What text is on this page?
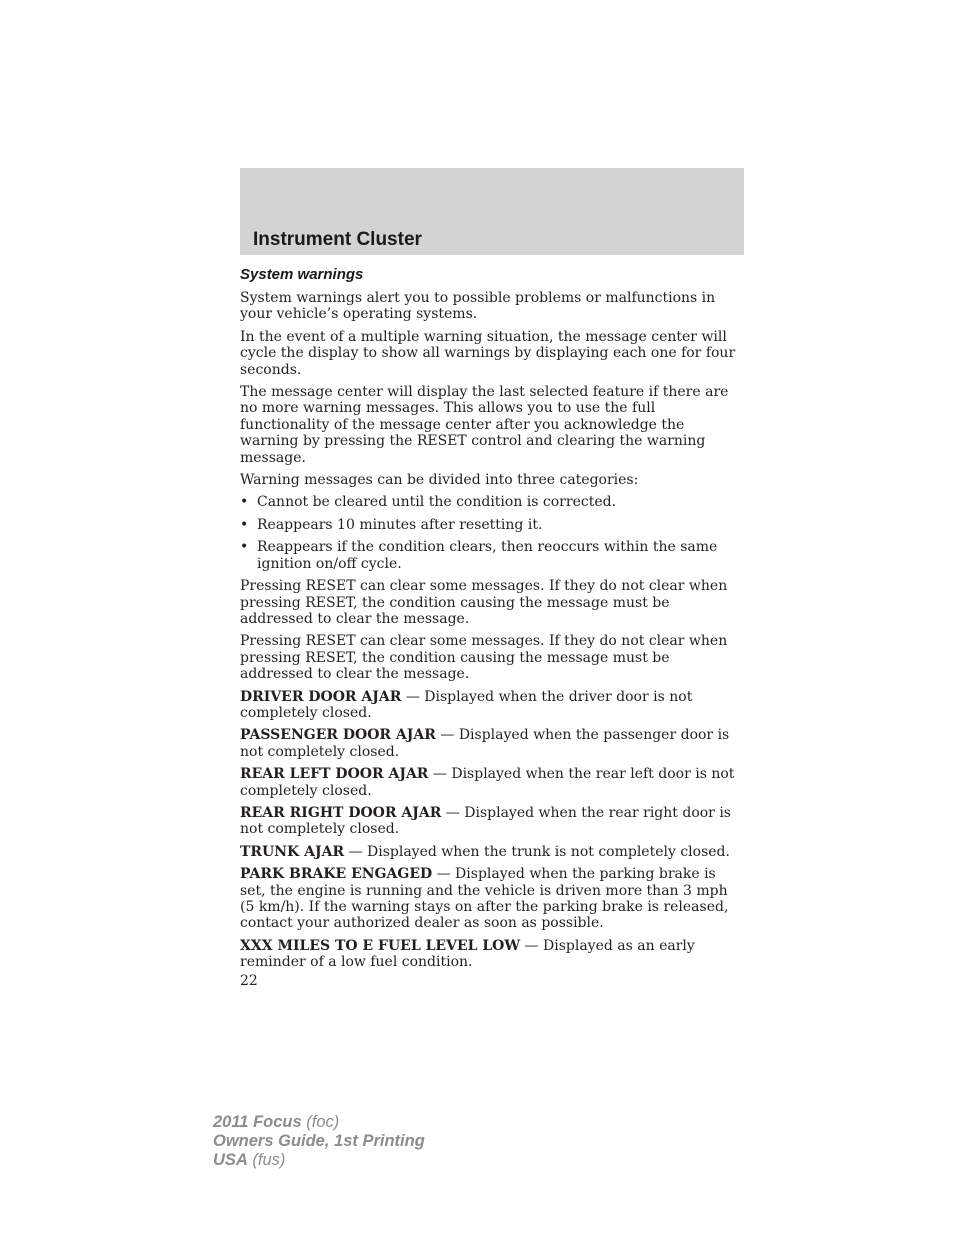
Instrument Cluster
System warnings

System warnings alert you to possible problems or malfunctions in your vehicle’s operating systems.

In the event of a multiple warning situation, the message center will cycle the display to show all warnings by displaying each one for four seconds.

The message center will display the last selected feature if there are no more warning messages. This allows you to use the full functionality of the message center after you acknowledge the warning by pressing the RESET control and clearing the warning message.

Warning messages can be divided into three categories:

• Cannot be cleared until the condition is corrected.
• Reappears 10 minutes after resetting it.
• Reappears if the condition clears, then reoccurs within the same ignition on/off cycle.

Pressing RESET can clear some messages. If they do not clear when pressing RESET, the condition causing the message must be addressed to clear the message.

Pressing RESET can clear some messages. If they do not clear when pressing RESET, the condition causing the message must be addressed to clear the message.

DRIVER DOOR AJAR — Displayed when the driver door is not completely closed.

PASSENGER DOOR AJAR — Displayed when the passenger door is not completely closed.

REAR LEFT DOOR AJAR — Displayed when the rear left door is not completely closed.

REAR RIGHT DOOR AJAR — Displayed when the rear right door is not completely closed.

TRUNK AJAR — Displayed when the trunk is not completely closed.

PARK BRAKE ENGAGED — Displayed when the parking brake is set, the engine is running and the vehicle is driven more than 3 mph (5 km/h). If the warning stays on after the parking brake is released, contact your authorized dealer as soon as possible.

XXX MILES TO E FUEL LEVEL LOW — Displayed as an early reminder of a low fuel condition.

22
2011 Focus (foc)
Owners Guide, 1st Printing
USA (fus)
